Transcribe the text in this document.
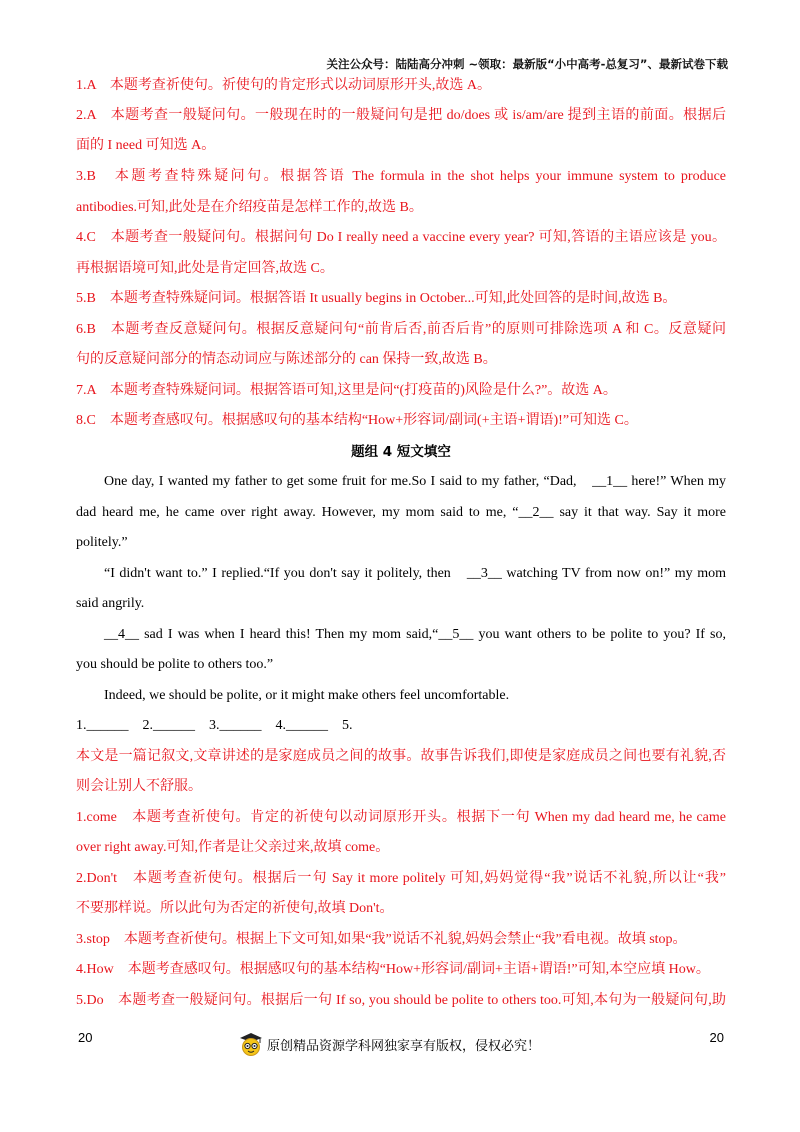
关注公众号：陆陆高分冲刺 ~领取：最新版“小中高考-总复习”、最新试卷下载
1.A　本题考查祈使句。祈使句的肯定形式以动词原形开头,故选 A。
2.A　本题考查一般疑问句。一般现在时的一般疑问句是把 do/does 或 is/am/are 提到主语的前面。根据后
面的 I need 可知选 A。
3.B　本题考查特殊疑问句。根据答语 The formula in the shot helps your immune system to produce
antibodies.可知,此处是在介绍疫苗是怎样工作的,故选 B。
4.C　本题考查一般疑问句。根据问句 Do I really need a vaccine every year? 可知,答语的主语应该是 you。
再根据语境可知,此处是肯定回答,故选 C。
5.B　本题考查特殊疑问词。根据答语 It usually begins in October...可知,此处回答的是时间,故选 B。
6.B　本题考查反意疑问句。根据反意疑问句“前肯后否,前否后肯”的原则可排除选项 A 和 C。反意疑问
句的反意疑问部分的情态动词应与陈述部分的 can 保持一致,故选 B。
7.A　本题考查特殊疑问词。根据答语可知,这里是问“(打疫苗的)风险是什么?”。故选 A。
8.C　本题考查感叹句。根据感叹句的基本结构“How+形容词/副词(+主语+谓语)!”可知选 C。
题组 4 短文填空
One day, I wanted my father to get some fruit for me.So I said to my father, “Dad,　__1__ here!” When my
dad heard me, he came over right away. However, my mom said to me, “__2__ say it that way. Say it more
politely.”
“I didn't want to.” I replied.“If you don't say it politely, then　__3__ watching TV from now on!” my mom
said angrily.
__4__ sad I was when I heard this! Then my mom said,“__5__ you want others to be polite to you? If so,
you should be polite to others too.”
Indeed, we should be polite, or it might make others feel uncomfortable.
1.______　2.______　3.______　4.______　5.
本文是一篇记叙文,文章讲述的是家庭成员之间的故事。故事告诉我们,即使是家庭成员之间也要有礼貌,否
则会让别人不舒服。
1.come　本题考查祈使句。肯定的祈使句以动词原形开头。根据下一句 When my dad heard me, he came
over right away.可知,作者是让父亲过来,故填 come。
2.Don't　本题考查祈使句。根据后一句 Say it more politely 可知,妈妈觉得“我”说话不礼貌,所以让“我”
不要那样说。所以此句为否定的祈使句,故填 Don't。
3.stop　本题考查祈使句。根据上下文可知,如果“我”说话不礼貌,妈妈会禁止“我”看电视。故填 stop。
4.How　本题考查感叹句。根据感叹句的基本结构“How+形容词/副词+主语+谓语!”可知,本空应填 How。
5.Do　本题考查一般疑问句。根据后一句 If so, you should be polite to others too.可知,本句为一般疑问句,助
20
原创精品资源学科网独家享有版权，侵权必究！
20
